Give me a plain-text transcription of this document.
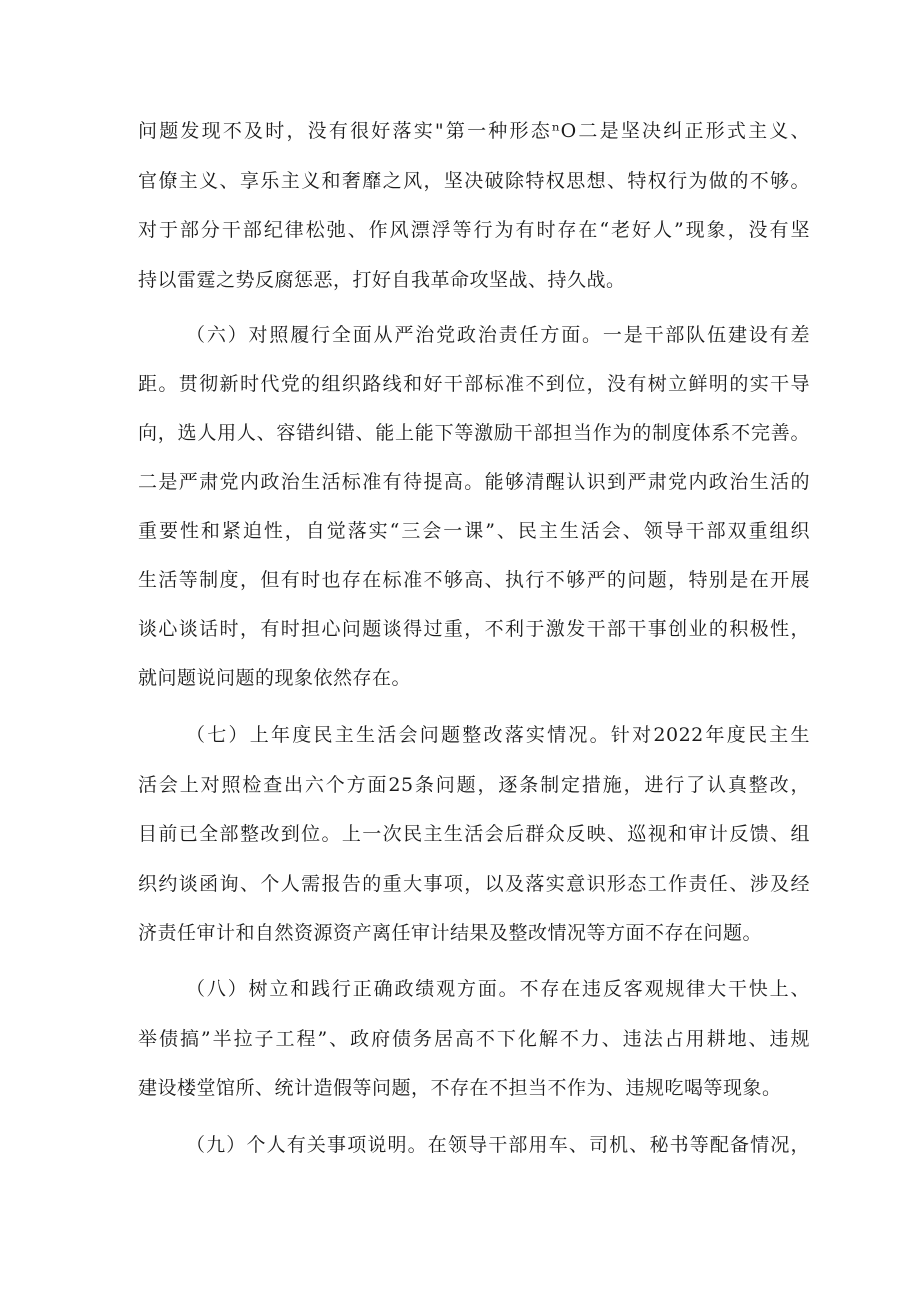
问题发现不及时，没有很好落实"第一种形态ⁿO二是坚决纠正形式主义、
官僚主义、享乐主义和奢靡之风，坚决破除特权思想、特权行为做的不够。
对于部分干部纪律松弛、作风漂浮等行为有时存在“老好人”现象，没有坚
持以雷霆之势反腐惩恶，打好自我革命攻坚战、持久战。
（六）对照履行全面从严治党政治责任方面。一是干部队伍建设有差
距。贯彻新时代党的组织路线和好干部标准不到位，没有树立鲜明的实干导
向，选人用人、容错纠错、能上能下等激励干部担当作为的制度体系不完善。
二是严肃党内政治生活标准有待提高。能够清醒认识到严肃党内政治生活的
重要性和紧迫性，自觉落实“三会一课”、民主生活会、领导干部双重组织
生活等制度，但有时也存在标准不够高、执行不够严的问题，特别是在开展
谈心谈话时，有时担心问题谈得过重，不利于激发干部干事创业的积极性，
就问题说问题的现象依然存在。
（七）上年度民主生活会问题整改落实情况。针对2022年度民主生
活会上对照检查出六个方面25条问题，逐条制定措施，进行了认真整改，
目前已全部整改到位。上一次民主生活会后群众反映、巡视和审计反馈、组
织约谈函询、个人需报告的重大事项，以及落实意识形态工作责任、涉及经
济责任审计和自然资源资产离任审计结果及整改情况等方面不存在问题。
（八）树立和践行正确政绩观方面。不存在违反客观规律大干快上、
举债搞”半拉子工程”、政府债务居高不下化解不力、违法占用耕地、违规
建设楼堂馆所、统计造假等问题，不存在不担当不作为、违规吃喝等现象。
（九）个人有关事项说明。在领导干部用车、司机、秘书等配备情况，
